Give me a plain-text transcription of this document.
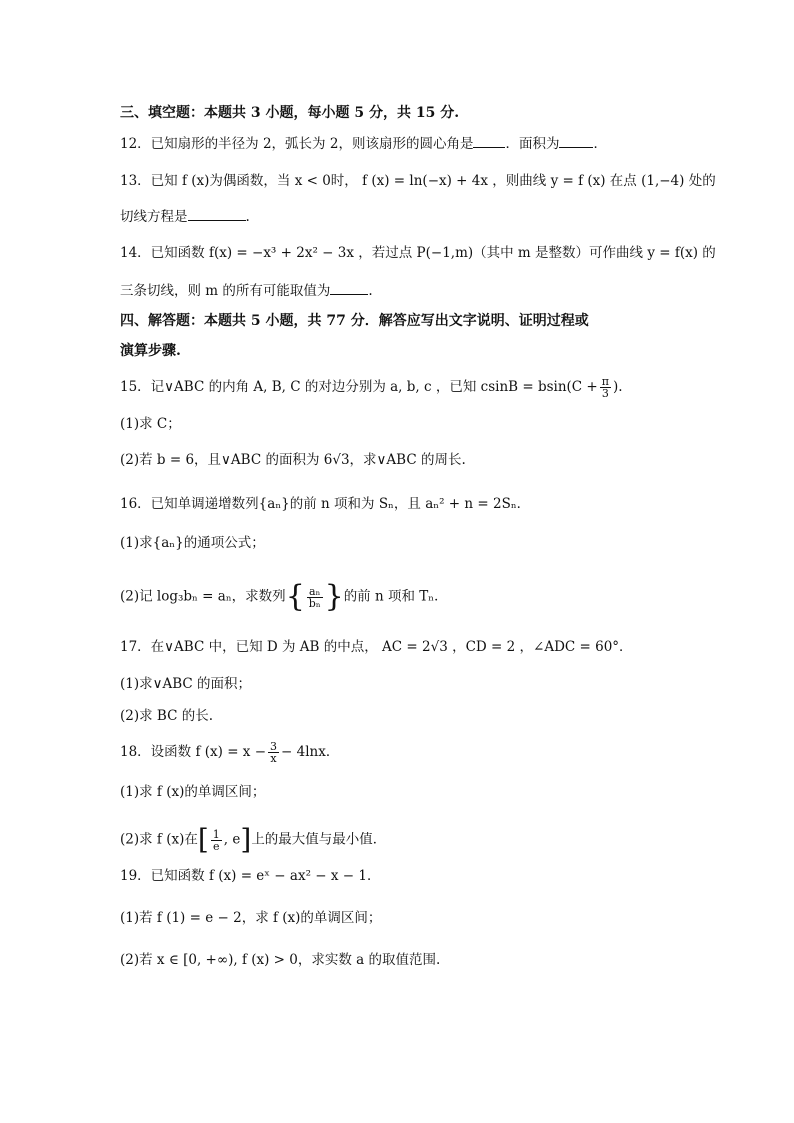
三、填空题：本题共 3 小题，每小题 5 分，共 15 分.
12．已知扇形的半径为 2，弧长为 2，则该扇形的圆心角是 ．面积为	．
13．已知 f (x)为偶函数，当 x < 0时， f (x) = ln(−x) + 4x ，则曲线 y = f (x) 在点 (1,−4) 处的
切线方程是	.
14．已知函数 f(x) = −x³ + 2x² − 3x ，若过点 P(−1,m)（其中 m 是整数）可作曲线 y = f(x) 的
三条切线，则 m 的所有可能取值为	.
四、解答题：本题共 5 小题，共 77 分．解答应写出文字说明、证明过程或
演算步骤.
15．记∨ABC 的内角 A, B, C 的对边分别为 a, b, c ，已知 $csinB = bsin(C + \frac{\pi}{3}$ ).
(1)求 C；
(2)若 b = 6，且∨ABC 的面积为 6√3，求∨ABC 的周长.
16．已知单调递增数列{aₙ}的前 n 项和为 Sₙ，且 aₙ² + n = 2Sₙ．
(1)求{aₙ}的通项公式；
(2)记 log₃bₙ = aₙ，求数列{ $\frac{\text{aₙ}}{\text{bₙ}}$ }的前 n 项和 Tₙ．
17．在∨ABC 中，已知 D 为 AB 的中点， AC = 2√3 ，CD = 2 ，∠ADC = 60°．
(1)求∨ABC 的面积；
(2)求 BC 的长.
18．设函数 f $(x) = x - \frac{3}{x} - 4\ln x$．
(1)求 f (x)的单调区间；
(2)求 f (x)在[ $\frac{1}{e}$ , e]上的最大值与最小值．
19．已知函数 f (x) = eˣ − ax² − x − 1．
(1)若 f (1) = e − 2，求 f (x)的单调区间；
(2)若 x ∈ [0, +∞), f (x) > 0，求实数 a 的取值范围.
